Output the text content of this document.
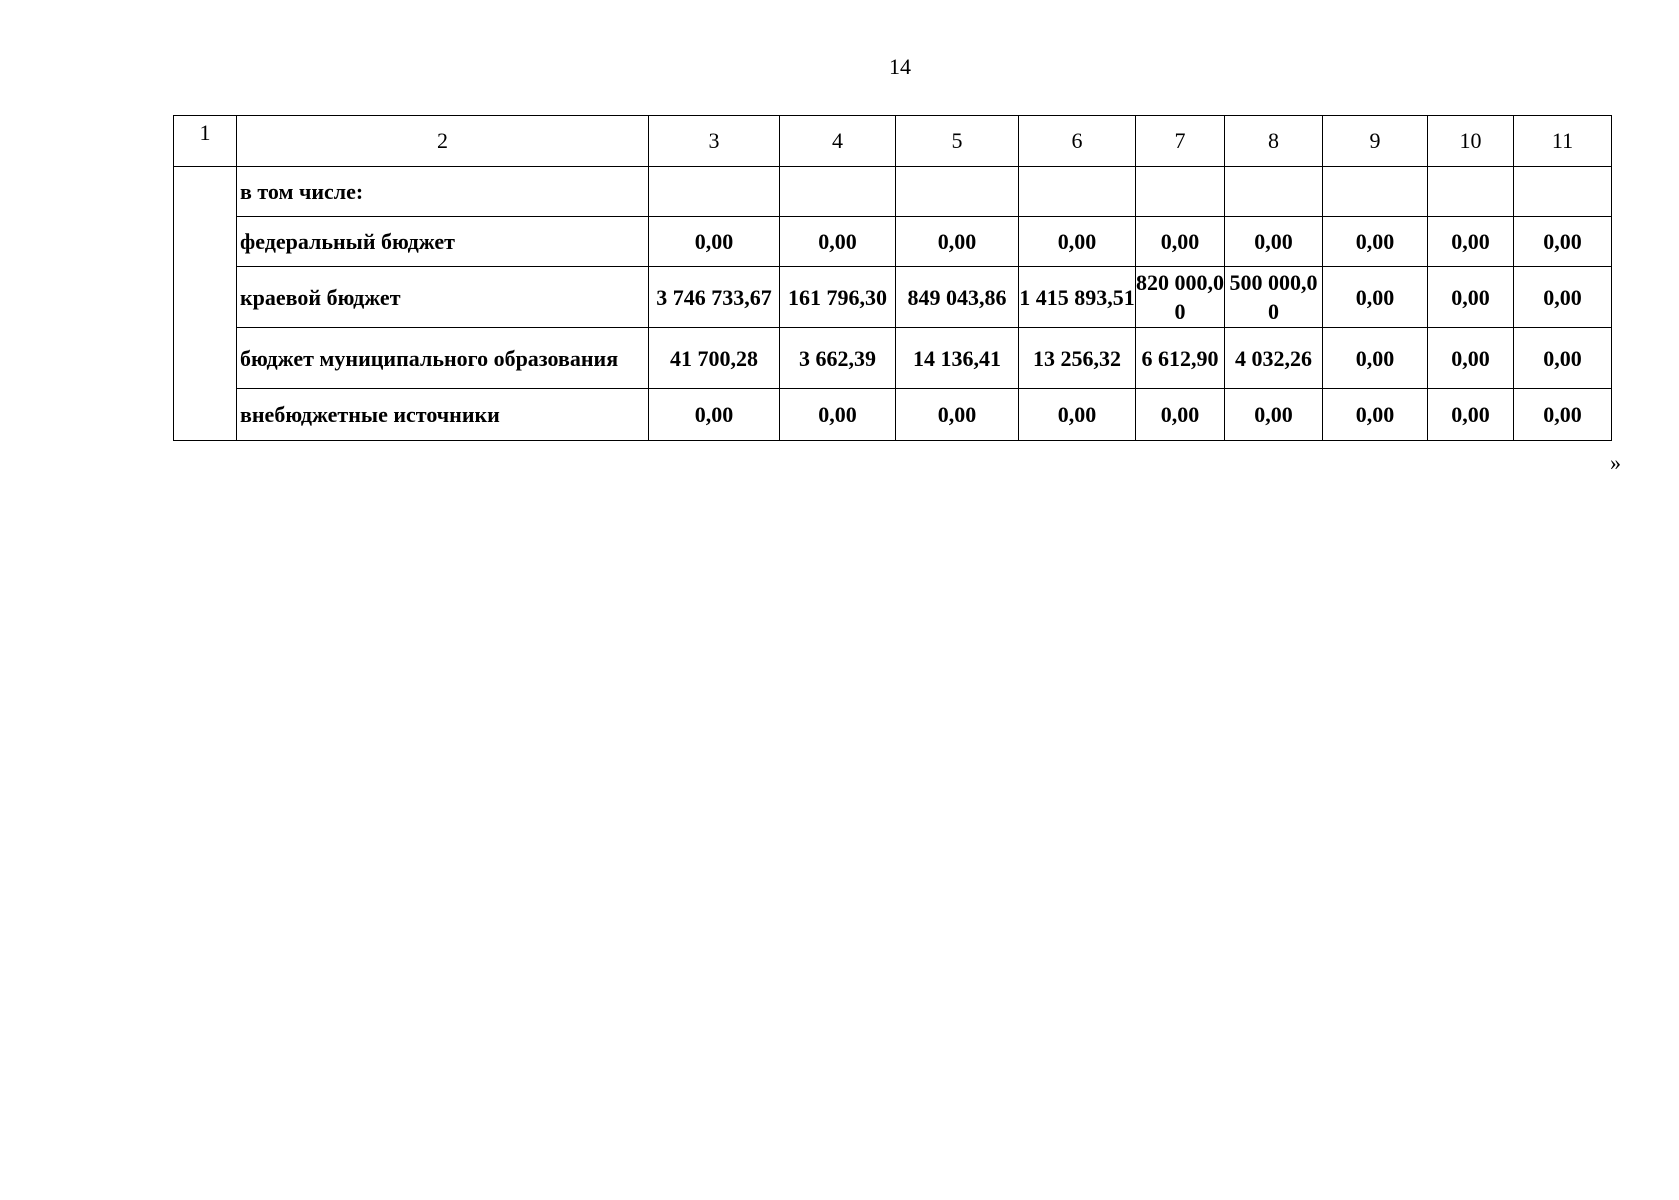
14
1	2	3	4	5	6	7	8	9	10	11
	в том числе:									
	федеральный бюджет	0,00	0,00	0,00	0,00	0,00	0,00	0,00	0,00	0,00
	краевой бюджет	3 746 733,67	161 796,30	849 043,86	1 415 893,51	820 000,00	500 000,00	0,00	0,00	0,00
	бюджет муниципального образования	41 700,28	3 662,39	14 136,41	13 256,32	6 612,90	4 032,26	0,00	0,00	0,00
	внебюджетные источники	0,00	0,00	0,00	0,00	0,00	0,00	0,00	0,00	0,00
»
